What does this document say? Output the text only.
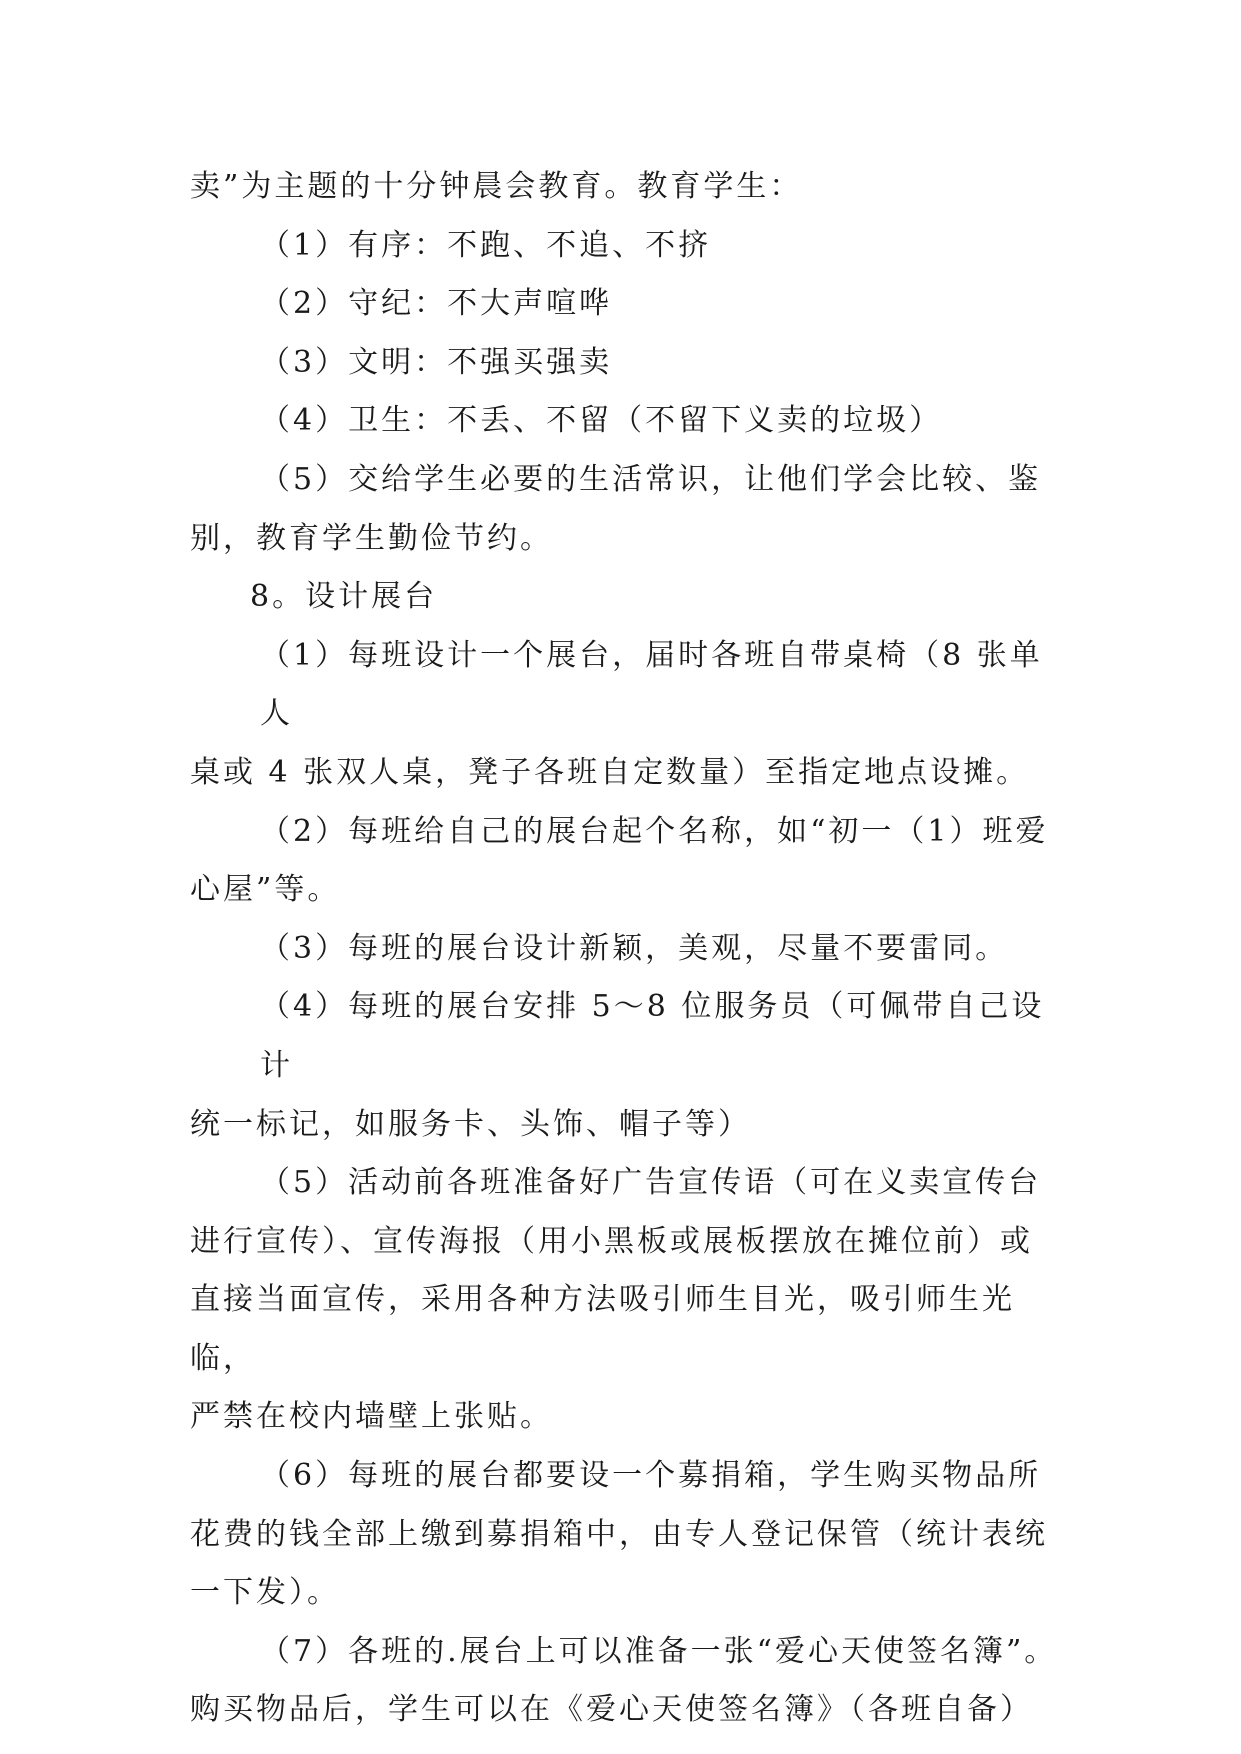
卖”为主题的十分钟晨会教育。教育学生：

（1）有序：不跑、不追、不挤

（2）守纪：不大声喧哗

（3）文明：不强买强卖

（4）卫生：不丢、不留（不留下义卖的垃圾）

（5）交给学生必要的生活常识，让他们学会比较、鉴

别，教育学生勤俭节约。

8。设计展台

（1）每班设计一个展台，届时各班自带桌椅（8 张单人

桌或 4 张双人桌，凳子各班自定数量）至指定地点设摊。

（2）每班给自己的展台起个名称，如“初一（1）班爱

心屋”等。

（3）每班的展台设计新颖，美观，尽量不要雷同。

（4）每班的展台安排 5～8 位服务员（可佩带自己设计

统一标记，如服务卡、头饰、帽子等）

（5）活动前各班准备好广告宣传语（可在义卖宣传台

进行宣传）、宣传海报（用小黑板或展板摆放在摊位前）或

直接当面宣传，采用各种方法吸引师生目光，吸引师生光临，

严禁在校内墙壁上张贴。

（6）每班的展台都要设一个募捐箱，学生购买物品所

花费的钱全部上缴到募捐箱中，由专人登记保管（统计表统

一下发）。

（7）各班的.展台上可以准备一张“爱心天使签名簿”。

购买物品后，学生可以在《爱心天使签名簿》（各班自备）
